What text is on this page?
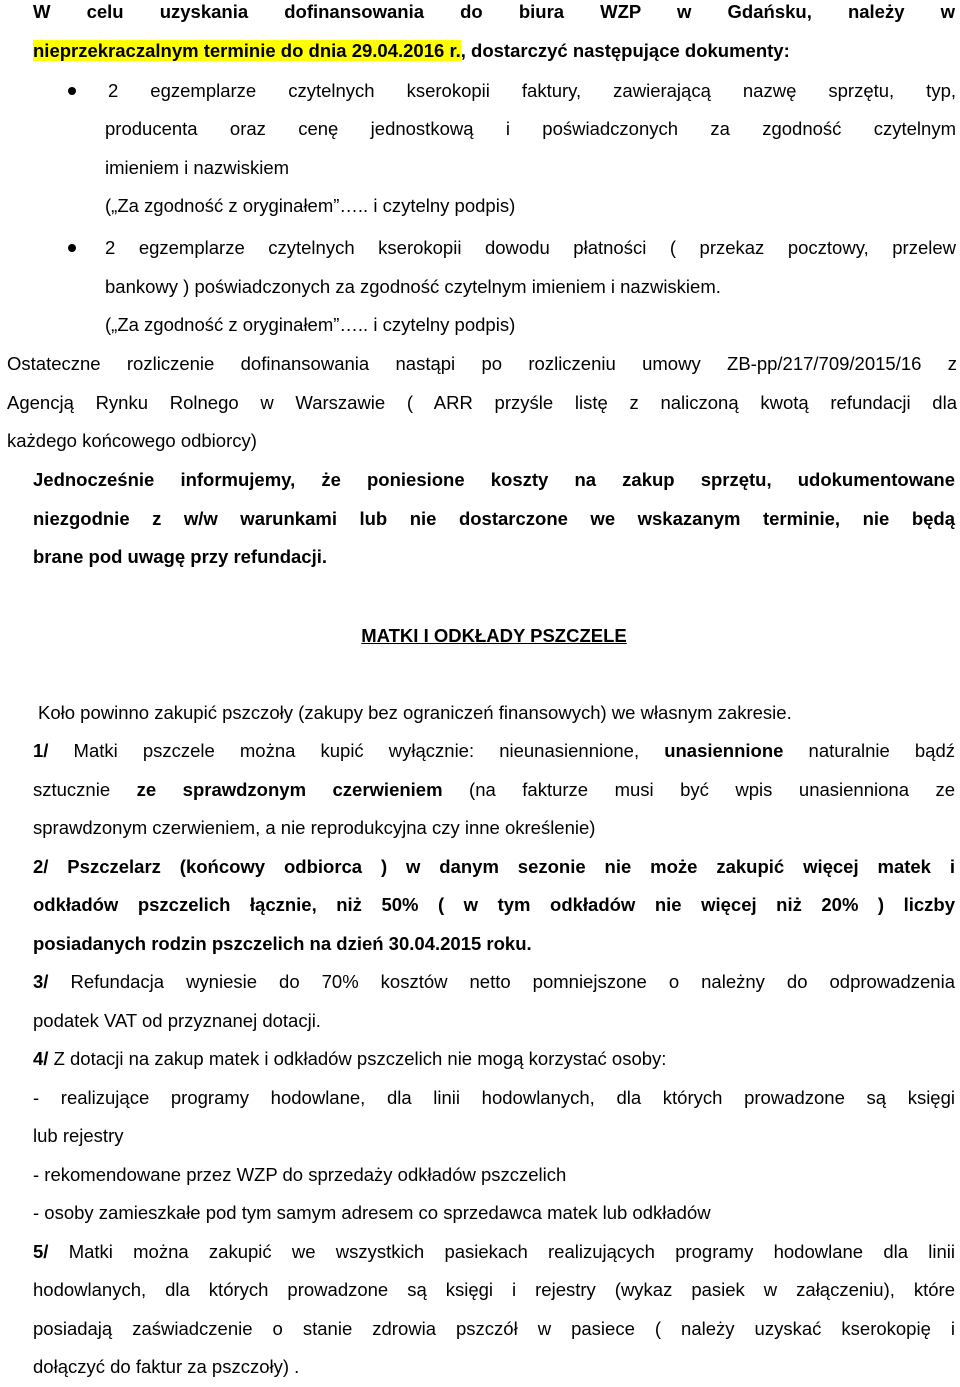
W celu uzyskania dofinansowania do biura WZP w Gdańsku, należy w

nieprzekraczalnym terminie do dnia 29.04.2016 r., dostarczyć następujące dokumenty:

2 egzemplarze czytelnych kserokopii faktury, zawierającą nazwę sprzętu, typ,

producenta oraz cenę jednostkową i poświadczonych za zgodność czytelnym

imieniem i nazwiskiem

(„Za zgodność z oryginałem”….. i czytelny podpis)

2 egzemplarze czytelnych kserokopii dowodu płatności ( przekaz pocztowy, przelew

bankowy ) poświadczonych za zgodność czytelnym imieniem i nazwiskiem.

(„Za zgodność z oryginałem”….. i czytelny podpis)

Ostateczne rozliczenie dofinansowania nastąpi po rozliczeniu umowy ZB-pp/217/709/2015/16 z

Agencją Rynku Rolnego w Warszawie ( ARR przyśle listę z naliczoną kwotą refundacji dla

każdego końcowego odbiorcy)

Jednocześnie informujemy, że poniesione koszty na zakup sprzętu, udokumentowane

niezgodnie z w/w warunkami lub nie dostarczone we wskazanym terminie, nie będą

brane pod uwagę przy refundacji.

MATKI I ODKŁADY PSZCZELE

Koło powinno zakupić pszczoły (zakupy bez ograniczeń finansowych) we własnym zakresie.

1/ Matki pszczele można kupić wyłącznie: nieunasiennione, unasiennione naturalnie bądź

sztucznie ze sprawdzonym czerwieniem (na fakturze musi być wpis unasienniona ze

sprawdzonym czerwieniem, a nie reprodukcyjna czy inne określenie)

2/ Pszczelarz (końcowy odbiorca ) w danym sezonie nie może zakupić więcej matek i

odkładów pszczelich łącznie, niż 50% ( w tym odkładów nie więcej niż 20% ) liczby

posiadanych rodzin pszczelich na dzień 30.04.2015 roku.

3/ Refundacja wyniesie do 70% kosztów netto pomniejszone o należny do odprowadzenia

podatek VAT od przyznanej dotacji.

4/ Z dotacji na zakup matek i odkładów pszczelich nie mogą korzystać osoby:

- realizujące programy hodowlane, dla linii hodowlanych, dla których prowadzone są księgi

lub rejestry

- rekomendowane przez WZP do sprzedaży odkładów pszczelich

- osoby zamieszkałe pod tym samym adresem co sprzedawca matek lub odkładów

5/ Matki można zakupić we wszystkich pasiekach realizujących programy hodowlane dla linii

hodowlanych, dla których prowadzone są księgi i rejestry (wykaz pasiek w załączeniu), które

posiadają zaświadczenie o stanie zdrowia pszczół w pasiece ( należy uzyskać kserokopię i

dołączyć do faktur za pszczoły) .
